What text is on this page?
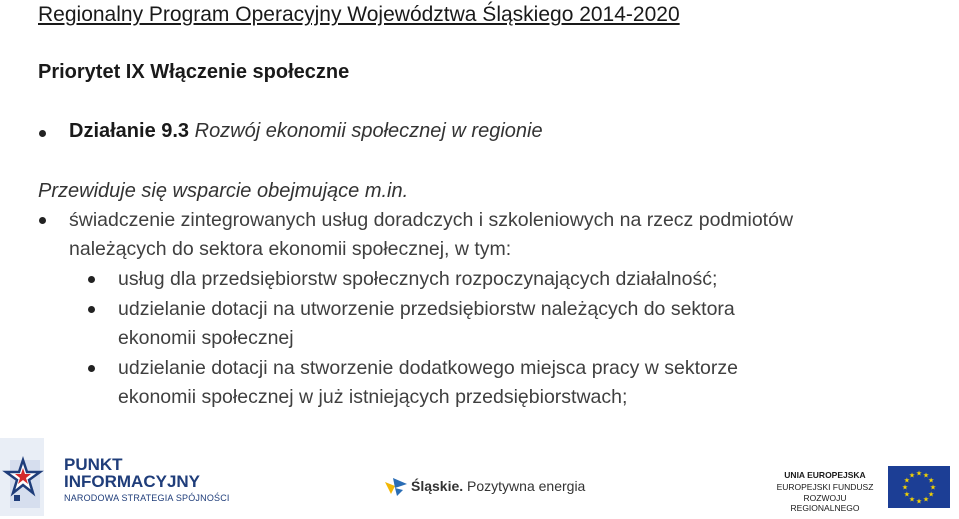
Regionalny Program Operacyjny Województwa Śląskiego 2014-2020
Priorytet IX Włączenie społeczne
Działanie 9.3 Rozwój ekonomii społecznej w regionie
Przewiduje się wsparcie obejmujące m.in.
świadczenie zintegrowanych usług doradczych i szkoleniowych na rzecz podmiotów
należących do sektora ekonomii społecznej, w tym:
usług dla przedsiębiorstw społecznych rozpoczynających działalność;
udzielanie dotacji na utworzenie przedsiębiorstw należących do sektora
ekonomii społecznej
udzielanie dotacji na stworzenie dodatkowego miejsca pracy w sektorze
ekonomii społecznej w już istniejących przedsiębiorstwach;
PUNKT
INFORMACYJNY
NARODOWA STRATEGIA SPÓJNOŚCI
Śląskie. Pozytywna energia
UNIA EUROPEJSKA
EUROPEJSKI FUNDUSZ
ROZWOJU REGIONALNEGO
★ ★
★
★
★
★
★
★
★
★
★
★
